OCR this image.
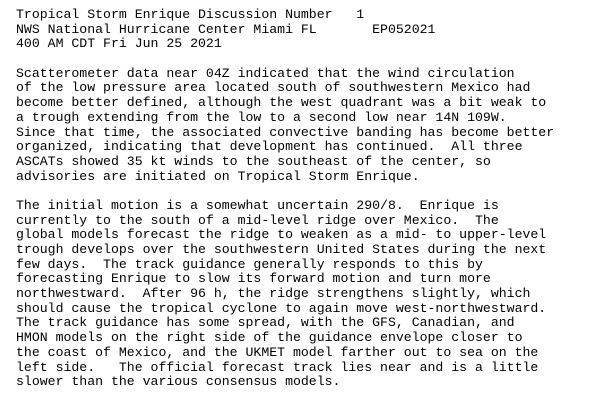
Tropical Storm Enrique Discussion Number   1
NWS National Hurricane Center Miami FL       EP052021
400 AM CDT Fri Jun 25 2021
Scatterometer data near 04Z indicated that the wind circulation
of the low pressure area located south of southwestern Mexico had
become better defined, although the west quadrant was a bit weak to
a trough extending from the low to a second low near 14N 109W.
Since that time, the associated convective banding has become better
organized, indicating that development has continued.  All three
ASCATs showed 35 kt winds to the southeast of the center, so
advisories are initiated on Tropical Storm Enrique.
The initial motion is a somewhat uncertain 290/8.  Enrique is
currently to the south of a mid-level ridge over Mexico.  The
global models forecast the ridge to weaken as a mid- to upper-level
trough develops over the southwestern United States during the next
few days.  The track guidance generally responds to this by
forecasting Enrique to slow its forward motion and turn more
northwestward.  After 96 h, the ridge strengthens slightly, which
should cause the tropical cyclone to again move west-northwestward.
The track guidance has some spread, with the GFS, Canadian, and
HMON models on the right side of the guidance envelope closer to
the coast of Mexico, and the UKMET model farther out to sea on the
left side.   The official forecast track lies near and is a little
slower than the various consensus models.
